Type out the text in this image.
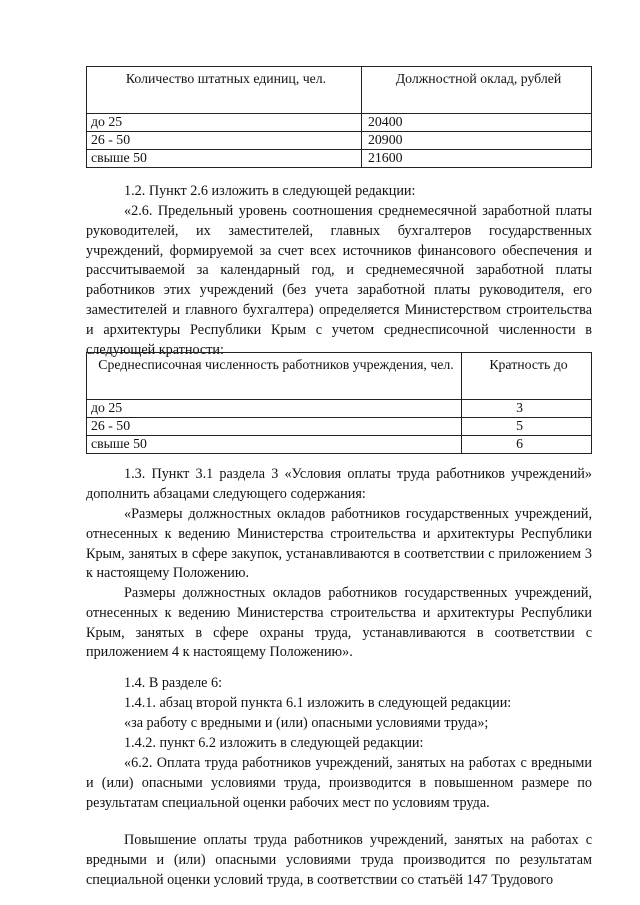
Количество штатных единиц, чел.	Должностной оклад, рублей
до 25	20400
26 - 50	20900
свыше 50	21600
1.2. Пункт 2.6 изложить в следующей редакции:
«2.6. Предельный уровень соотношения среднемесячной заработной платы руководителей, их заместителей, главных бухгалтеров государственных учреждений, формируемой за счет всех источников финансового обеспечения и рассчитываемой за календарный год, и среднемесячной заработной платы работников этих учреждений (без учета заработной платы руководителя, его заместителей и главного бухгалтера) определяется Министерством строительства и архитектуры Республики Крым с учетом среднесписочной численности в следующей кратности:
Среднесписочная численность работников учреждения, чел.	Кратность до
до 25	3
26 - 50	5
свыше 50	6
1.3. Пункт 3.1 раздела 3 «Условия оплаты труда работников учреждений» дополнить абзацами следующего содержания:
«Размеры должностных окладов работников государственных учреждений, отнесенных к ведению Министерства строительства и архитектуры Республики Крым, занятых в сфере закупок, устанавливаются в соответствии с приложением 3 к настоящему Положению.
Размеры должностных окладов работников государственных учреждений, отнесенных к ведению Министерства строительства и архитектуры Республики Крым, занятых в сфере охраны труда, устанавливаются в соответствии с приложением 4 к настоящему Положению».
1.4. В разделе 6:
1.4.1. абзац второй пункта 6.1 изложить в следующей редакции:
«за работу с вредными и (или) опасными условиями труда»;
1.4.2. пункт 6.2 изложить в следующей редакции:
«6.2. Оплата труда работников учреждений, занятых на работах с вредными и (или) опасными условиями труда, производится в повышенном размере по результатам специальной оценки рабочих мест по условиям труда.
Повышение оплаты труда работников учреждений, занятых на работах с вредными и (или) опасными условиями труда производится по результатам специальной оценки условий труда, в соответствии со статьёй 147 Трудового
